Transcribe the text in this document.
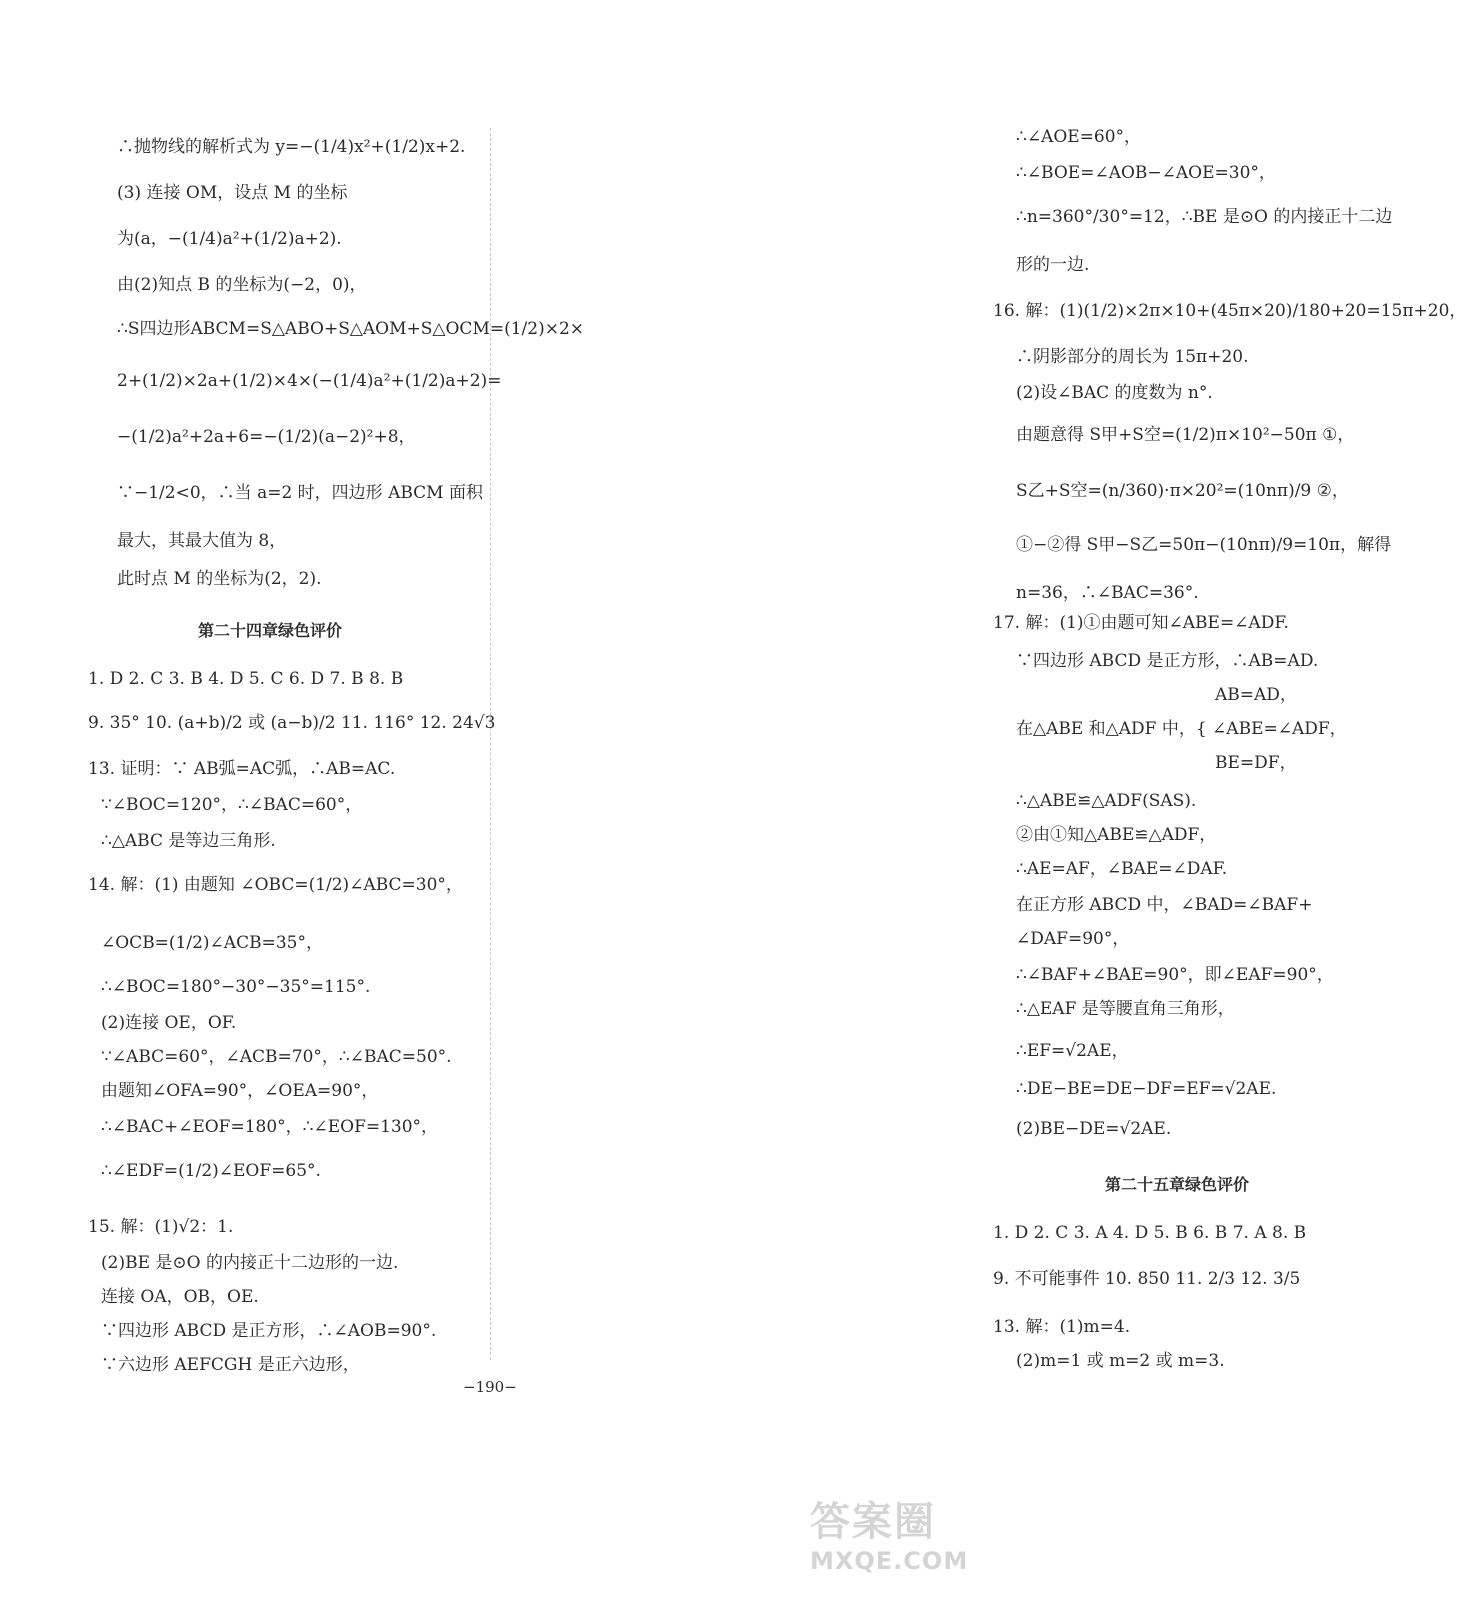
∴抛物线的解析式为 y=−(1/4)x²+(1/2)x+2.
(3) 连接 OM，设点 M 的坐标
为(a，−(1/4)a²+(1/2)a+2).
由(2)知点 B 的坐标为(−2，0)，
∴S四边形ABCM=S△ABO+S△AOM+S△OCM=(1/2)×2×
2+(1/2)×2a+(1/2)×4×(−(1/4)a²+(1/2)a+2)=
−(1/2)a²+2a+6=−(1/2)(a−2)²+8，
∵−1/2<0，∴当 a=2 时，四边形 ABCM 面积
最大，其最大值为 8，
此时点 M 的坐标为(2，2).
第二十四章绿色评价
1. D 2. C 3. B 4. D 5. C 6. D 7. B 8. B
9. 35° 10. (a+b)/2 或 (a−b)/2 11. 116° 12. 24√3
13. 证明：∵ AB弧=AC弧，∴AB=AC.
∵∠BOC=120°，∴∠BAC=60°，
∴△ABC 是等边三角形.
14. 解：(1) 由题知 ∠OBC=(1/2)∠ABC=30°，
∠OCB=(1/2)∠ACB=35°，
∴∠BOC=180°−30°−35°=115°.
(2)连接 OE，OF.
∵∠ABC=60°，∠ACB=70°，∴∠BAC=50°.
由题知∠OFA=90°，∠OEA=90°，
∴∠BAC+∠EOF=180°，∴∠EOF=130°，
∴∠EDF=(1/2)∠EOF=65°.
15. 解：(1)√2：1.
(2)BE 是⊙O 的内接正十二边形的一边.
连接 OA，OB，OE.
∵四边形 ABCD 是正方形，∴∠AOB=90°.
∵六边形 AEFCGH 是正六边形，
∴∠AOE=60°，
∴∠BOE=∠AOB−∠AOE=30°，
∴n=360°/30°=12，∴BE 是⊙O 的内接正十二边
形的一边.
16. 解：(1)(1/2)×2π×10+(45π×20)/180+20=15π+20，
∴阴影部分的周长为 15π+20.
(2)设∠BAC 的度数为 n°.
由题意得 S甲+S空=(1/2)π×10²−50π ①，
S乙+S空=(n/360)·π×20²=(10nπ)/9 ②，
①−②得 S甲−S乙=50π−(10nπ)/9=10π，解得
n=36，∴∠BAC=36°.
17. 解：(1)①由题可知∠ABE=∠ADF.
∵四边形 ABCD 是正方形，∴AB=AD.
AB=AD，
在△ABE 和△ADF 中，{ ∠ABE=∠ADF，
BE=DF，
∴△ABE≌△ADF(SAS).
②由①知△ABE≌△ADF，
∴AE=AF，∠BAE=∠DAF.
在正方形 ABCD 中，∠BAD=∠BAF+
∠DAF=90°，
∴∠BAF+∠BAE=90°，即∠EAF=90°，
∴△EAF 是等腰直角三角形，
∴EF=√2AE，
∴DE−BE=DE−DF=EF=√2AE.
(2)BE−DE=√2AE.
第二十五章绿色评价
1. D 2. C 3. A 4. D 5. B 6. B 7. A 8. B
9. 不可能事件 10. 850 11. 2/3 12. 3/5
13. 解：(1)m=4.
(2)m=1 或 m=2 或 m=3.
−190−
答案圈
MXQE.COM
